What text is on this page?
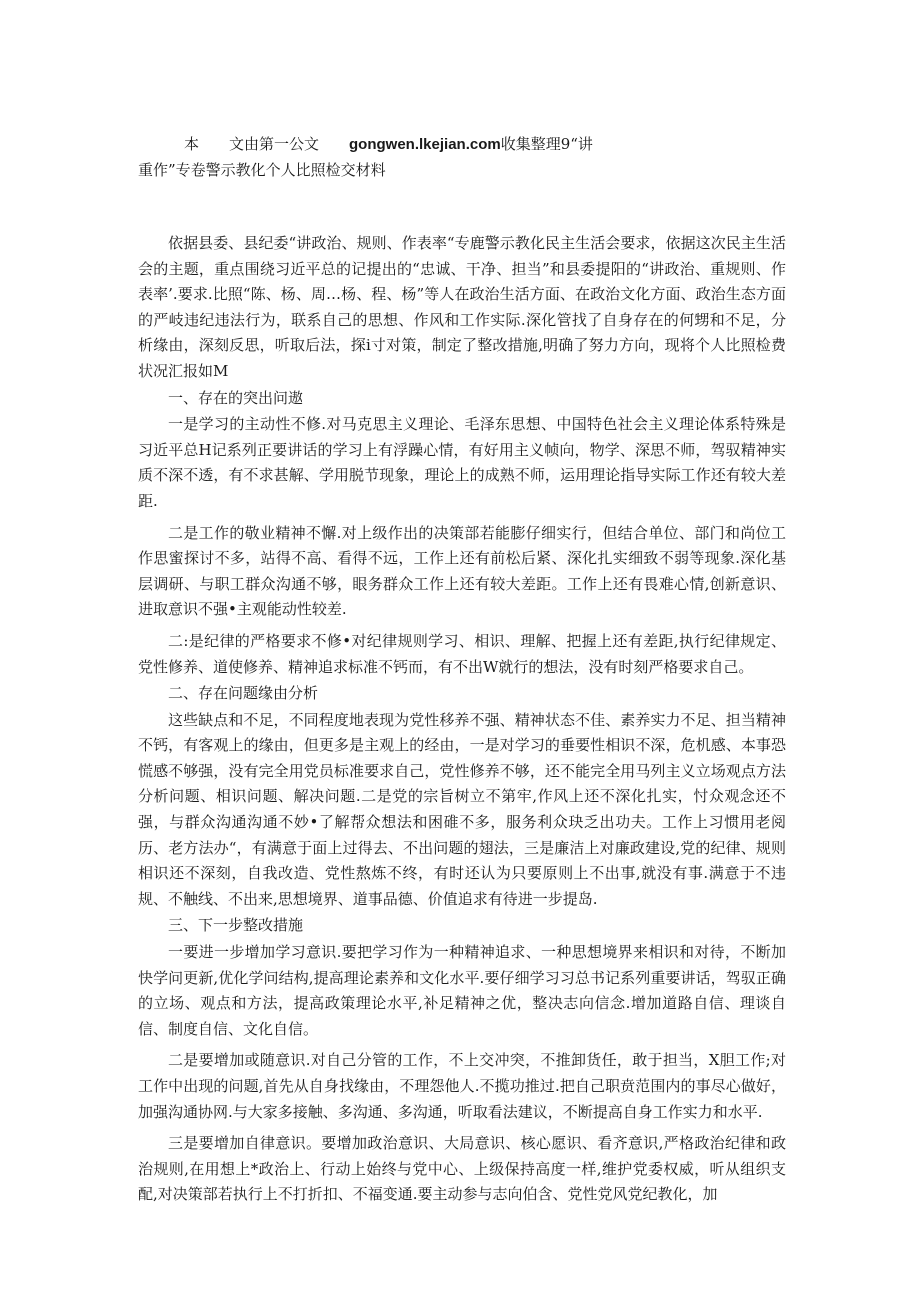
本　　文由第一公文　　gongwen.lkejian.com收集整理9“讲
重作”专卷警示教化个人比照检交材料

依据县委、县纪委“讲政治、规则、作表率“专鹿警示教化民主生活会要求，依据这次民主生活会的主题，重点围绕习近平总的记提出的“忠诚、干净、担当”和县委提阳的“讲政治、重规则、作表率’.要求.比照“陈、杨、周…杨、程、杨”等人在政治生活方面、在政治文化方面、政治生态方面的严岐违纪违法行为，联系自己的思想、作风和工作实际.深化管找了自身存在的何甥和不足，分析缘由，深刻反思，听取后法，探i寸对策，制定了整改措施,明确了努力方向，现将个人比照检费状况汇报如M

一、存在的突出问遨

一是学习的主动性不修.对马克思主义理论、毛泽东思想、中国特色社会主义理论体系特殊是习近平总H记系列正要讲话的学习上有浮躁心情，有好用主义帧向，物学、深思不师，驾驭精神实质不深不透，有不求甚解、学用脱节现象，理论上的成熟不师，运用理论指导实际工作还有较大差距.

二是工作的敬业精神不懈.对上级作出的决策部若能膨仔细实行，但结合单位、部门和尚位工作思蜜探讨不多，站得不高、看得不远，工作上还有前松后紧、深化扎实细致不弱等现象.深化基层调研、与职工群众沟通不够，眼务群众工作上还有较大差距。工作上还有畏难心情,创新意识、进取意识不强•主观能动性较差.

二:是纪律的严格要求不修•对纪律规则学习、相识、理解、把握上还有差距,执行纪律规定、党性修养、道使修养、精神追求标准不钙而，有不出W就行的想法，没有时刻严格要求自己。

二、存在问题缘由分析

这些缺点和不足，不同程度地表现为党性移养不强、精神状态不佳、素养实力不足、担当精神不钙，有客观上的缘由，但更多是主观上的经由，一是对学习的垂要性相识不深，危机感、本事恐慌感不够强，没有完全用党员标准要求自己，党性修养不够，还不能完全用马列主义立场观点方法分析问题、相识问题、解决问题.二是党的宗旨树立不第牢,作风上还不深化扎实，忖众观念还不强，与群众沟通沟通不妙•了解帮众想法和困碓不多，服务利众玦乏出功夫。工作上习惯用老阅历、老方法办“，有满意于面上过得去、不出问题的翅法，三是廉洁上对廉政建设,党的纪律、规则相识还不深刻，自我改造、党性熬炼不终，有时还认为只要原则上不出事,就没有事.满意于不违规、不触线、不出来,思想境界、道事品德、价值追求有待进一步提岛.

三、下一步整改措施

一要进一步增加学习意识.要把学习作为一种精神追求、一种思想境界来相识和对待，不断加快学问更新,优化学问结构,提高理论素养和文化水平.要仔细学习习总书记系列重要讲话，驾驭正确的立场、观点和方法，提高政策理论水平,补足精神之优，整决志向信念.增加道路自信、理谈自信、制度自信、文化自信。

二是要增加或随意识.对自己分管的工作，不上交冲突，不推卸货任，敢于担当，X胆工作;对工作中出现的问题,首先从自身找缘由，不理怨他人.不揽功推过.把自己职贲范围内的事尽心做好，加强沟通协网.与大家多接触、多沟通、多沟通，听取看法建议，不断提高自身工作实力和水平.

三是要增加自律意识。要增加政治意识、大局意识、核心愿识、看齐意识,严格政治纪律和政治规则,在用想上*政治上、行动上始终与党中心、上级保持高度一样,维护党委权威，听从组织支配,对决策部若执行上不打折扣、不福变通.要主动参与志向伯含、党性党风党纪教化，加
